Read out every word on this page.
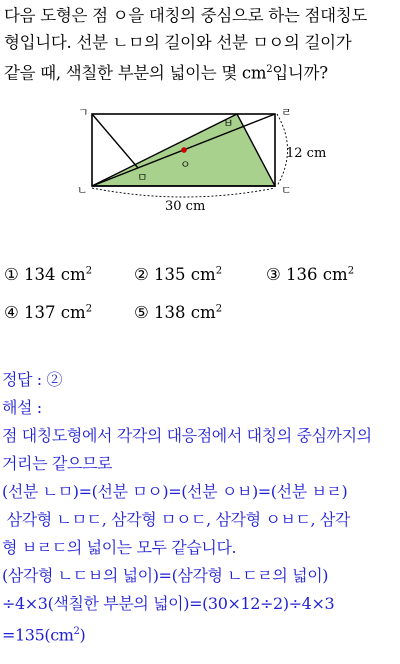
다음 도형은 점 ㅇ을 대칭의 중심으로 하는 점대칭도
형입니다. 선분 ㄴㅁ의 길이와 선분 ㅁㅇ의 길이가
같을 때, 색칠한 부분의 넓이는 몇 $cm^2$입니까?
ㄱ	ㄹ
ㄴ	ㄷ
ㅁ
ㅂ
ㅇ
12 cm
30 cm
① 134 $cm^2$	② 135 $cm^2$	③ 136 $cm^2$
④ 137 $cm^2$	⑤ 138 $cm^2$
정답 : ②
해설 :
점 대칭도형에서 각각의 대응점에서 대칭의 중심까지의
거리는 같으므로
(선분 ㄴㅁ)=(선분 ㅁㅇ)=(선분 ㅇㅂ)=(선분 ㅂㄹ)
삼각형 ㄴㅁㄷ, 삼각형 ㅁㅇㄷ, 삼각형 ㅇㅂㄷ, 삼각
형 ㅂㄹㄷ의 넓이는 모두 같습니다.
(삼각형 ㄴㄷㅂ의 넓이)=(삼각형 ㄴㄷㄹ의 넓이)
÷4×3(색칠한 부분의 넓이)=(30×12÷2)÷4×3
$=135(cm^2)$
